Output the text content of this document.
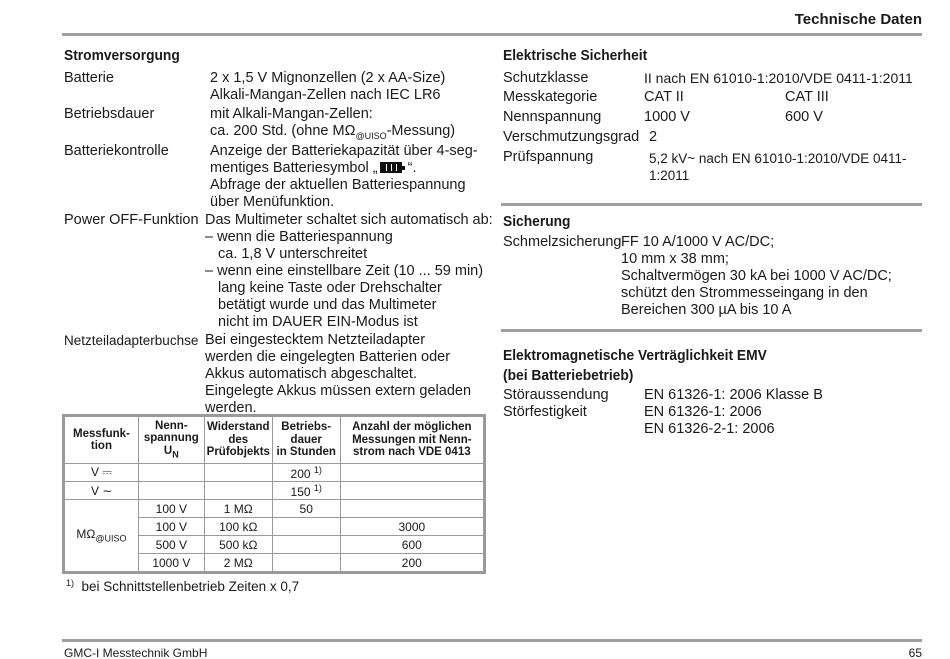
Technische Daten
Stromversorgung
Batterie	2 x 1,5 V Mignonzellen (2 x AA-Size)
Alkali-Mangan-Zellen nach IEC LR6
Betriebsdauer	mit Alkali-Mangan-Zellen:
ca. 200 Std. (ohne $M\Omega_{@UISO}-Messung$)
Batteriekontrolle	Anzeige der Batteriekapazität über 4-seg-
mentiges Batteriesymbol „ “.
Abfrage der aktuellen Batteriespannung
über Menüfunktion.
Power OFF-Funktion Das Multimeter schaltet sich automatisch ab:
– wenn die Batteriespannung
ca. 1,8 V unterschreitet
– wenn eine einstellbare Zeit (10 ... 59 min)
lang keine Taste oder Drehschalter
betätigt wurde und das Multimeter
nicht im DAUER EIN-Modus ist
Netzteiladapterbuchse Bei eingestecktem Netzteiladapter
werden die eingelegten Batterien oder
Akkus automatisch abgeschaltet.
Eingelegte Akkus müssen extern geladen
werden.
Messfunk-
tion	Nenn-
spannung
$U_N$	Widerstand
des
Prüfobjekts	Betriebs-
dauer
in Stunden	Anzahl der möglichen
Messungen mit Nenn-
strom nach VDE 0413
V ⎓			200 $^{1)}$	
V ∼			150 $^{1)}$	
$M\Omega_{@UISO}$	100 V	1 MΩ	50	
	100 V	100 kΩ		3000
	500 V	500 kΩ		600
	1000 V	2 MΩ		200
$^{1)}$ bei Schnittstellenbetrieb Zeiten x 0,7
Elektrische Sicherheit
Schutzklasse	II nach EN 61010-1:2010/VDE 0411-1:2011
Messkategorie	CAT II	CAT III
Nennspannung	1000 V	600 V
Verschmutzungsgrad 2
Prüfspannung	5,2 kV~ nach EN 61010-1:2010/VDE 0411-
1:2011
Sicherung
Schmelzsicherung FF 10 A/1000 V AC/DC;
10 mm x 38 mm;
Schaltvermögen 30 kA bei 1000 V AC/DC;
schützt den Strommesseingang in den
Bereichen 300 µA bis 10 A
Elektromagnetische Verträglichkeit EMV
(bei Batteriebetrieb)
Störaussendung EN 61326-1: 2006 Klasse B
Störfestigkeit	EN 61326-1: 2006
EN 61326-2-1: 2006
GMC-I Messtechnik GmbH	65
